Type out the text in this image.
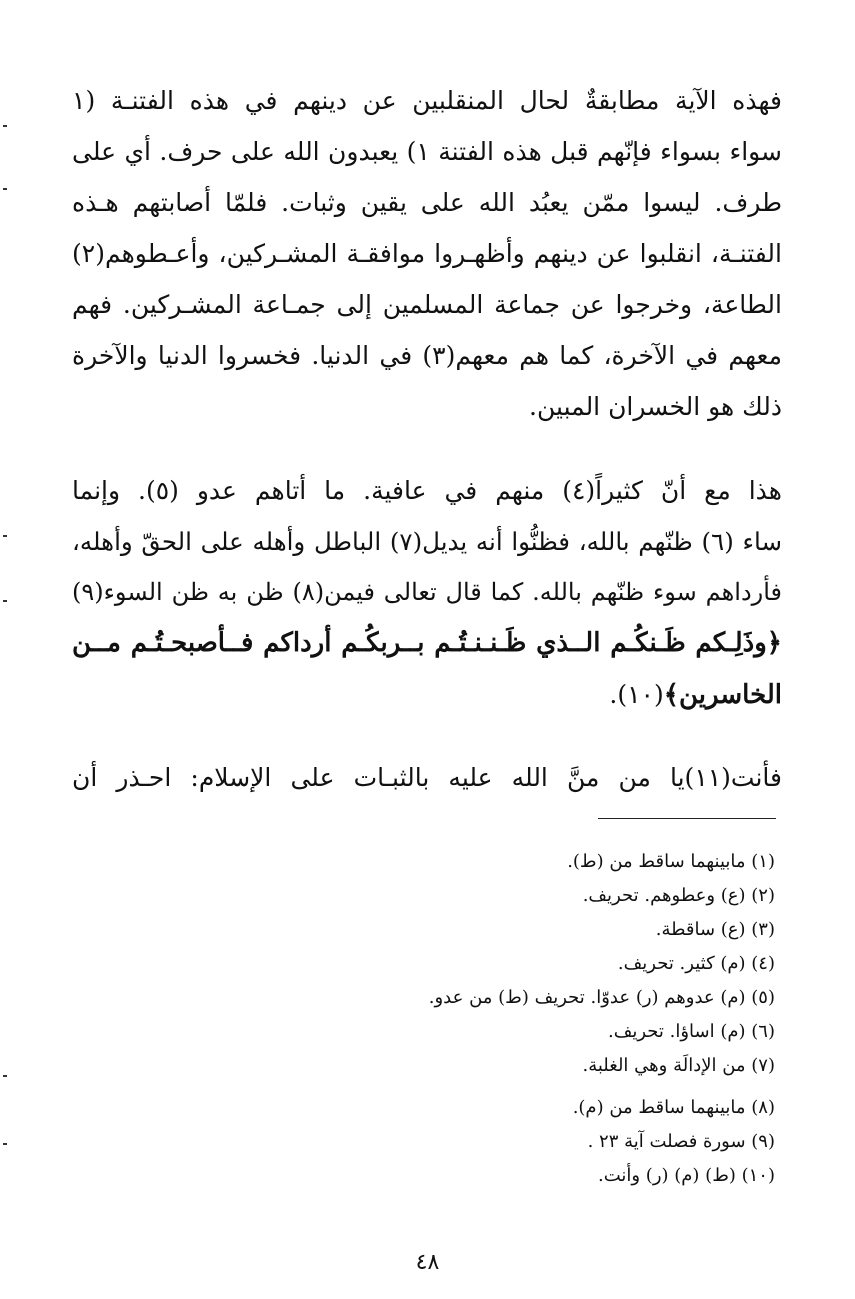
فهذه الآية مطابقةٌ لحال المنقلبين عن دينهم في هذه الفتنـة (١
سواء بسواء فإنّهم قبل هذه الفتنة ١) يعبدون الله على حرف. أي على
طرف. ليسوا ممّن يعبُد الله على يقين وثبات. فلمّا أصابتهم هـذه
الفتنـة، انقلبوا عن دينهم وأظهـروا موافقـة المشـركين، وأعـطوهم(٢)
الطاعة، وخرجوا عن جماعة المسلمين إلى جمـاعة المشـركين. فهم
معهم في الآخرة، كما هم معهم(٣) في الدنيا. فخسروا الدنيا والآخرة
ذلك هو الخسران المبين.
هذا مع أنّ كثيراً(٤) منهم في عافية. ما أتاهم عدو (٥). وإنما
ساء (٦) ظنّهم بالله، فظنُّوا أنه يديل(٧) الباطل وأهله على الحقّ وأهله،
فأرداهم سوء ظنّهم بالله. كما قال تعالى فيمن(٨) ظن به ظن السوء(٩)
﴿وذَلِـكم ظَـنكُـم الــذي ظَـنـنـتُـم بــربكُـم أرداكم فــأصبحـتُـم مــن
الخاسرين﴾(١٠).
فأنت(١١)يا من منَّ الله عليه بالثبـات على الإسلام: احـذر أن
(١) مابينهما ساقط من (ط).
(٢) (ع) وعطوهم. تحريف.
(٣) (ع) ساقطة.
(٤) (م) كثير. تحريف.
(٥) (م) عدوهم (ر) عدوّا. تحريف (ط) من عدو.
(٦) (م) اساؤا. تحريف.
(٧) من الإدالَة وهي الغلبة.
(٨) مابينهما ساقط من (م).
(٩) سورة فصلت آية ٢٣ .
(١٠) (ط) (م) (ر) وأنت.
٤٨
